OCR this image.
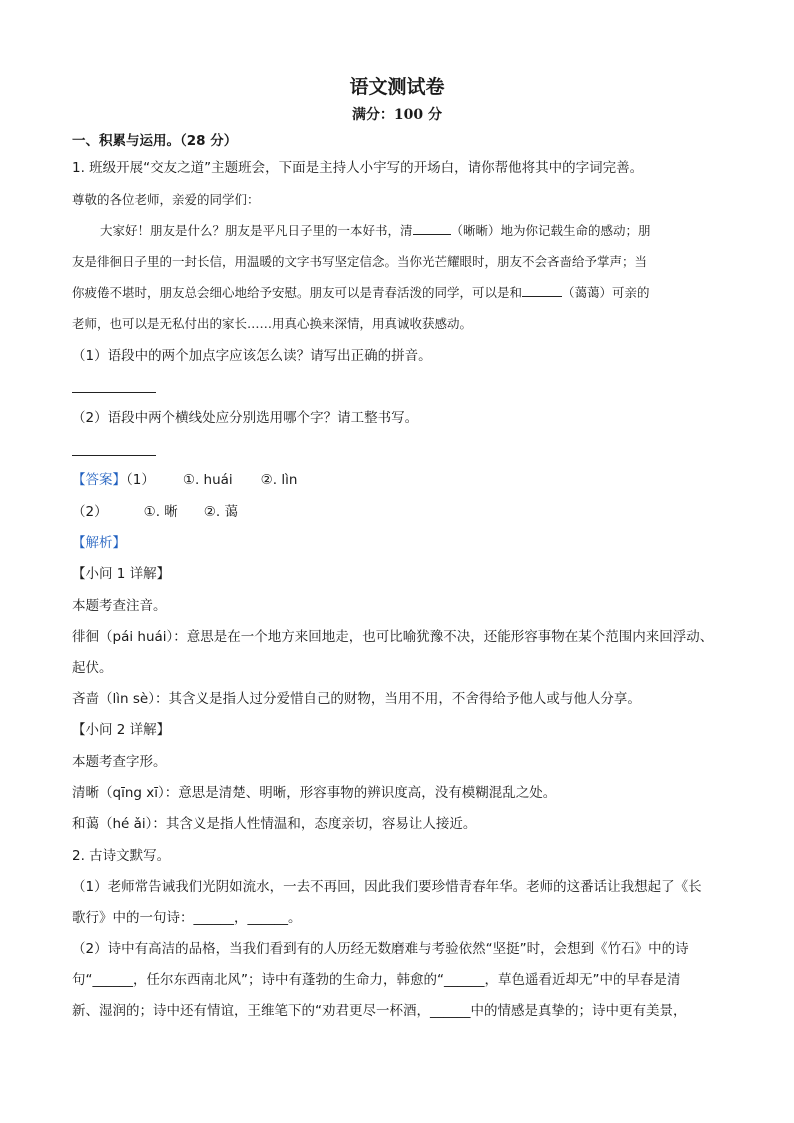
语文测试卷
满分：100 分
一、积累与运用。（28 分）
1. 班级开展“交友之道”主题班会，下面是主持人小宇写的开场白，请你帮他将其中的字词完善。
尊敬的各位老师，亲爱的同学们：
大家好！朋友是什么？朋友是平凡日子里的一本好书，清	（晰晰）地为你记载生命的感动；朋
友是徘徊日子里的一封长信，用温暖的文字书写坚定信念。当你光芒耀眼时，朋友不会吝啬给予掌声；当
你疲倦不堪时，朋友总会细心地给予安慰。朋友可以是青春活泼的同学，可以是和	（蔼蔼）可亲的
老师，也可以是无私付出的家长……用真心换来深情，用真诚收获感动。
（1）语段中的两个加点字应该怎么读？请写出正确的拼音。
（2）语段中两个横线处应分别选用哪个字？请工整书写。
【答案】（1） ①. huái ②. lìn
（2）	①. 晰 ②. 蔼
【解析】
【小问 1 详解】
本题考查注音。
徘徊（pái huái）：意思是在一个地方来回地走，也可比喻犹豫不决，还能形容事物在某个范围内来回浮动、
起伏。
吝啬（lìn sè）：其含义是指人过分爱惜自己的财物，当用不用，不舍得给予他人或与他人分享。
【小问 2 详解】
本题考查字形。
清晰（qīng xī）：意思是清楚、明晰，形容事物的辨识度高，没有模糊混乱之处。
和蔼（hé ǎi）：其含义是指人性情温和，态度亲切，容易让人接近。
2. 古诗文默写。
（1）老师常告诫我们光阴如流水，一去不再回，因此我们要珍惜青春年华。老师的这番话让我想起了《长
歌行》中的一句诗：______，______。
（2）诗中有高洁的品格，当我们看到有的人历经无数磨难与考验依然“坚挺”时，会想到《竹石》中的诗
句“______，任尔东西南北风”；诗中有蓬勃的生命力，韩愈的“______，草色遥看近却无”中的早春是清
新、湿润的；诗中还有情谊，王维笔下的“劝君更尽一杯酒，______中的情感是真挚的；诗中更有美景，
